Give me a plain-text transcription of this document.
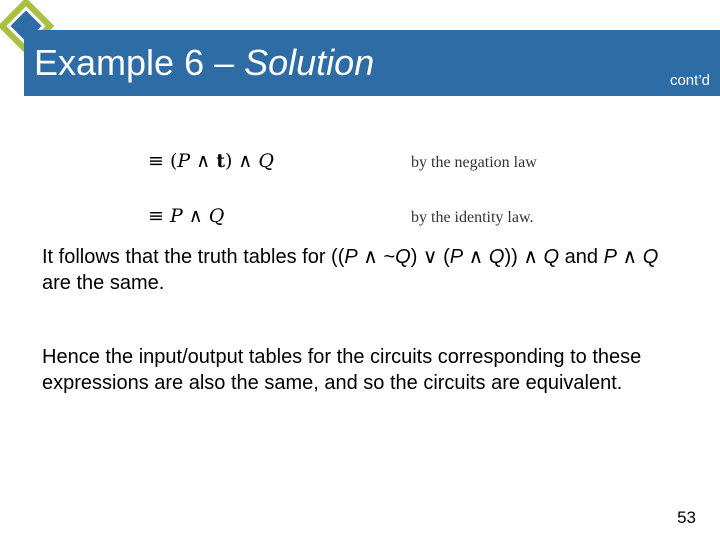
Example 6 – Solution	cont’d
≡ (P ∧ t) ∧ Q	by the negation law
≡ P ∧ Q	by the identity law.

It follows that the truth tables for ((P ∧ ~Q) ∨ (P ∧ Q)) ∧ Q and P ∧ Q are the same.

Hence the input/output tables for the circuits corresponding to these expressions are also the same, and so the circuits are equivalent.

53
